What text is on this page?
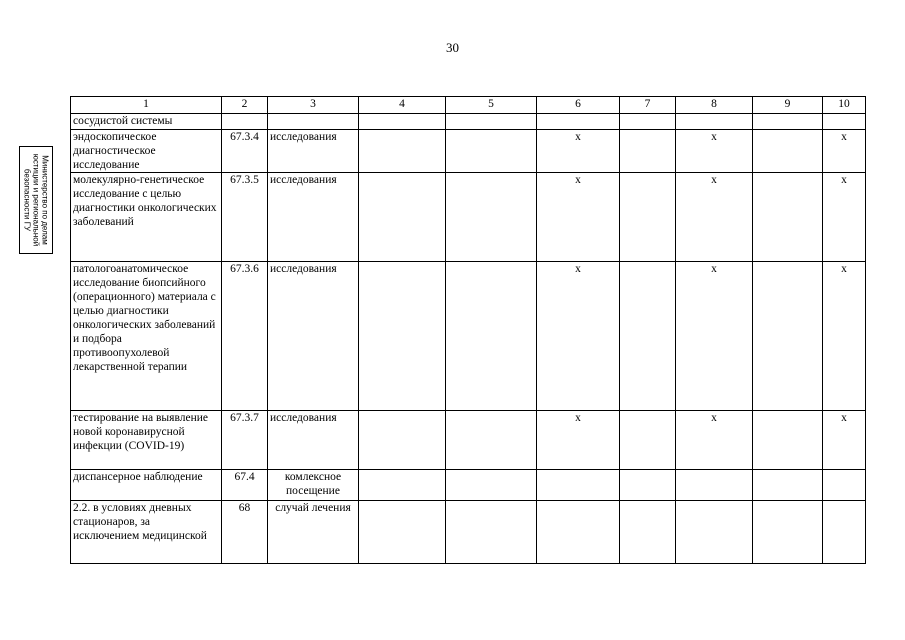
30
Министерство по делам
юстиции и региональной
безопасности ГУ
1	2	3	4	5	6	7	8	9	10
сосудистой системы									
эндоскопическое диагностическое исследование	67.3.4	исследования			х		х		х
молекулярно-генетическое исследование с целью диагностики онкологических заболеваний	67.3.5	исследования			х		х		х
патологоанатомическое исследование биопсийного (операционного) материала с целью диагностики онкологических заболеваний и подбора противоопухолевой лекарственной терапии	67.3.6	исследования			х		х		х
тестирование на выявление новой коронавирусной инфекции (COVID-19)	67.3.7	исследования			х		х		х
диспансерное наблюдение	67.4	комлексное посещение							
2.2. в условиях дневных стационаров, за исключением медицинской	68	случай лечения							
